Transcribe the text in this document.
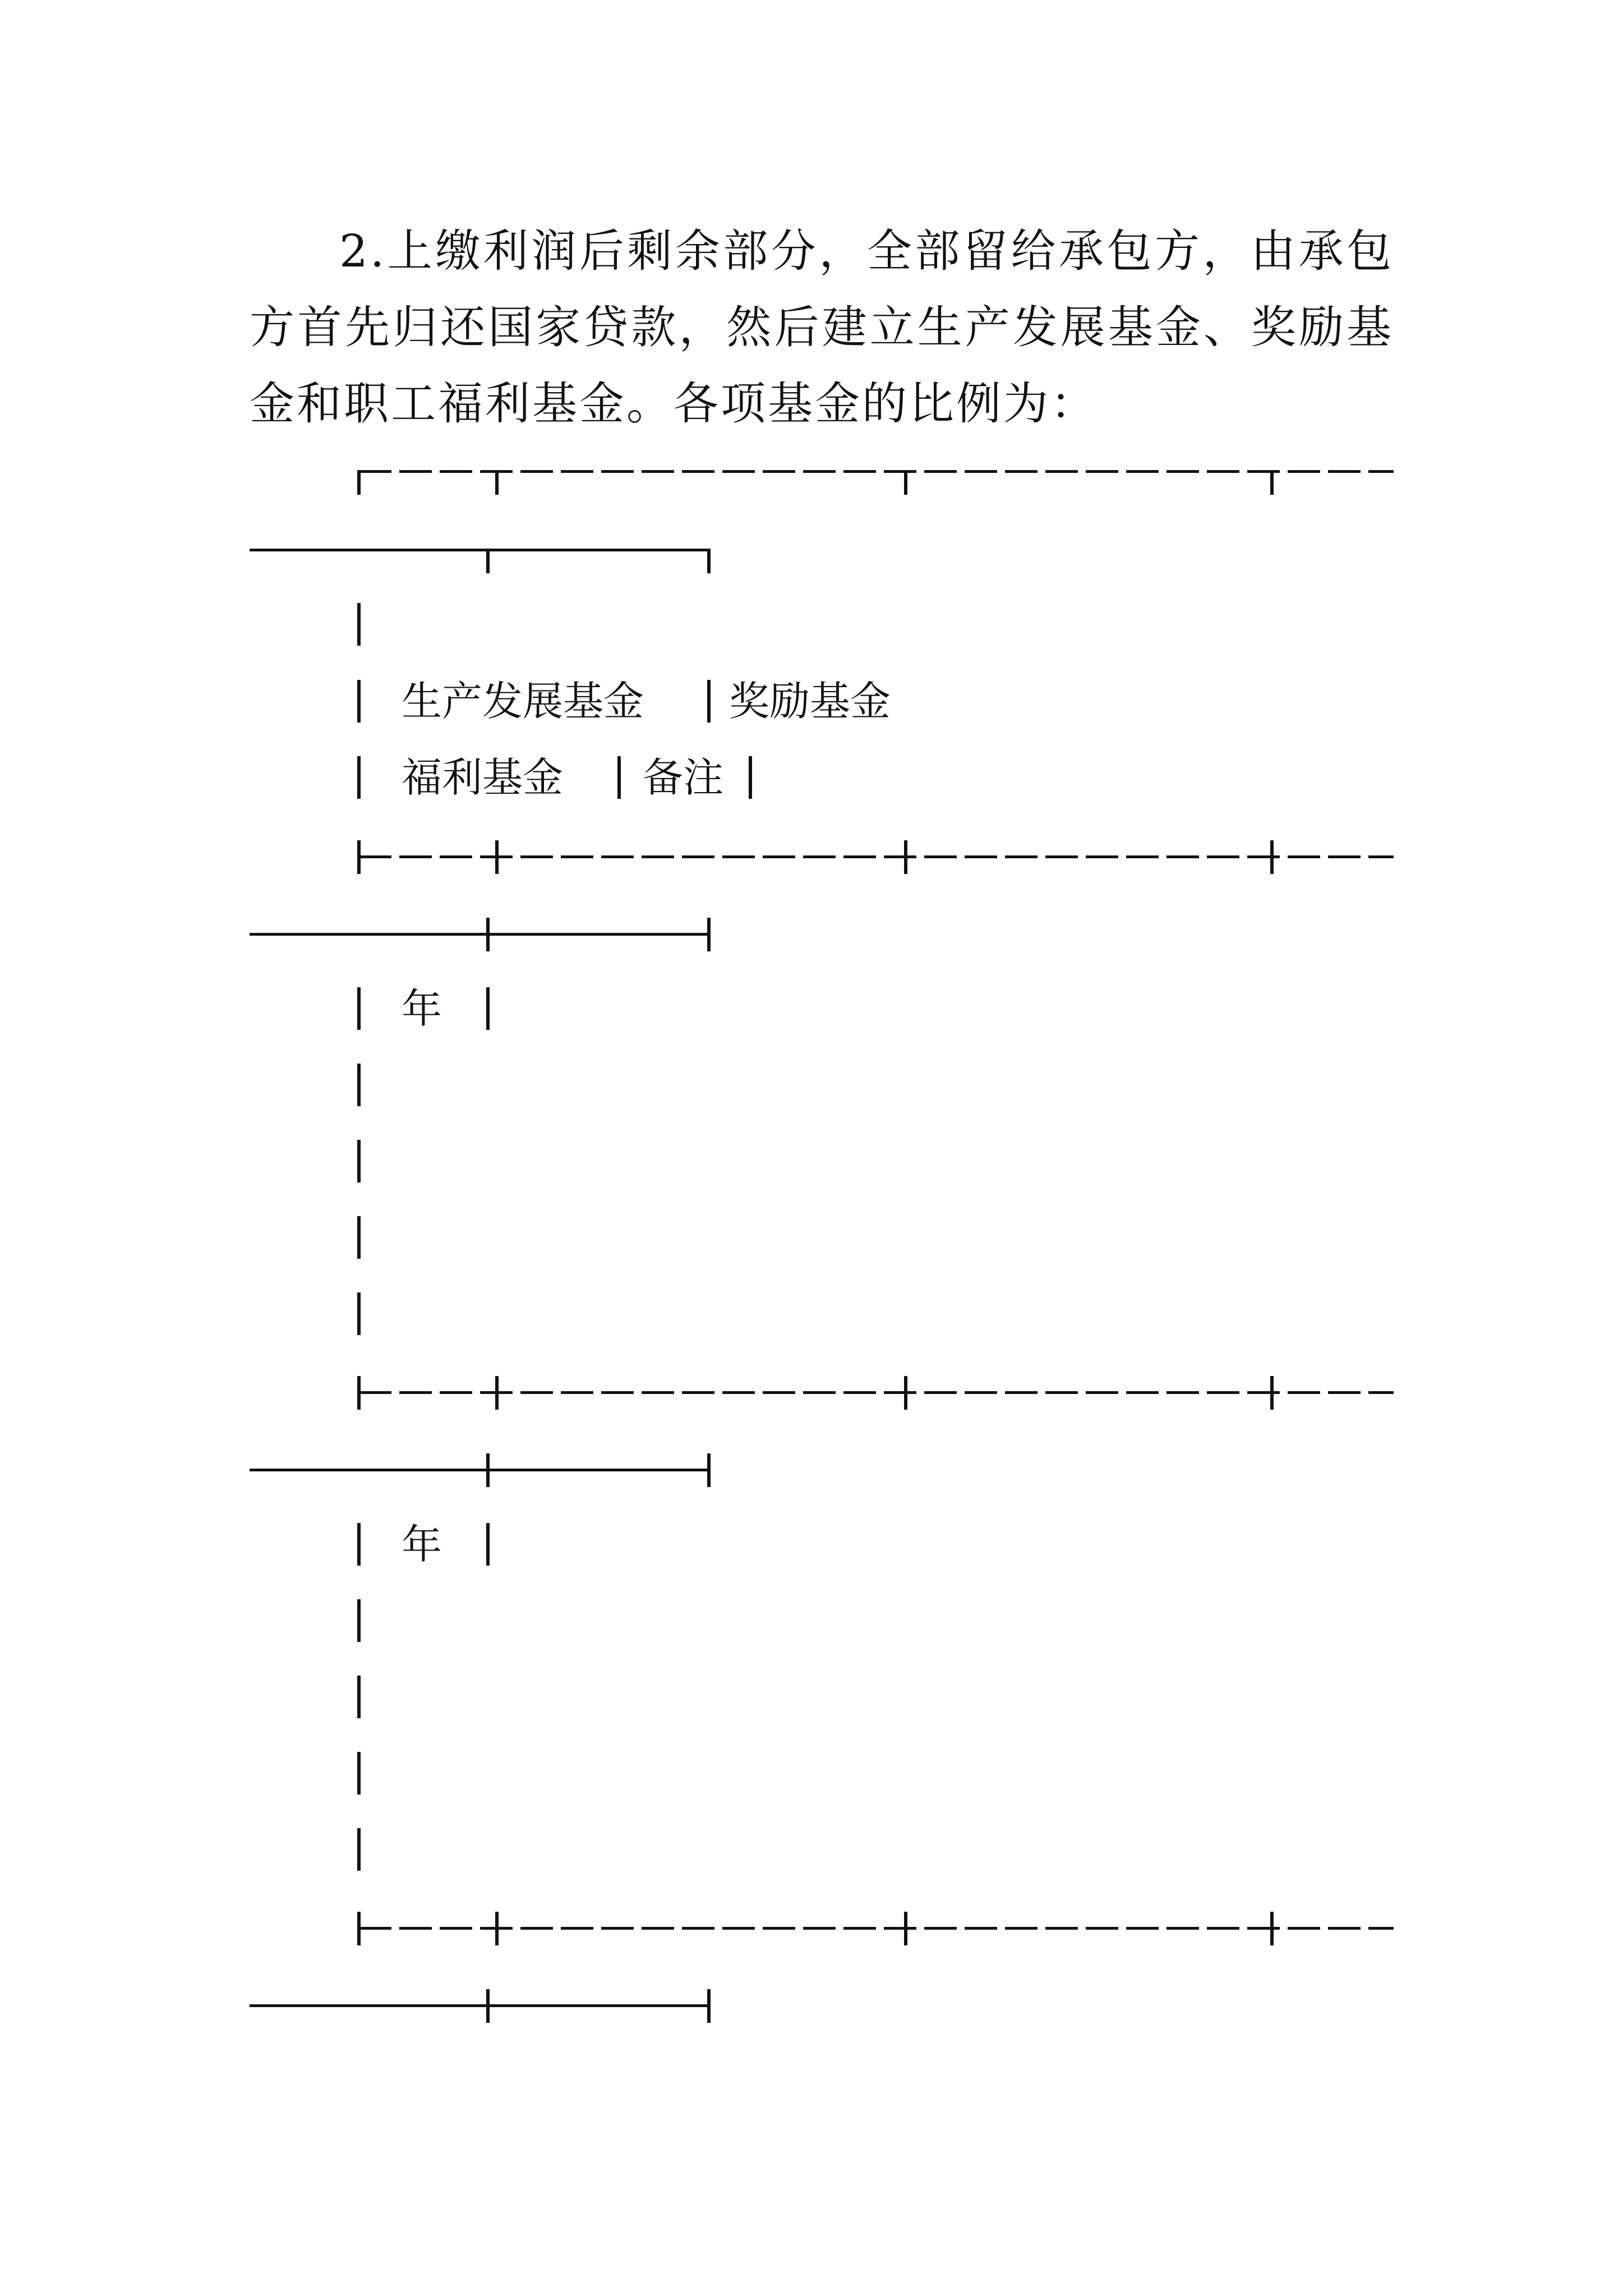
2.上缴利润后剩余部分，全部留给承包方，由承包方首先归还国家贷款，然后建立生产发展基金、奖励基金和职工福利基金。各项基金的比例为：

生产发展基金 奖励基金
福利基金 备注
年
年
